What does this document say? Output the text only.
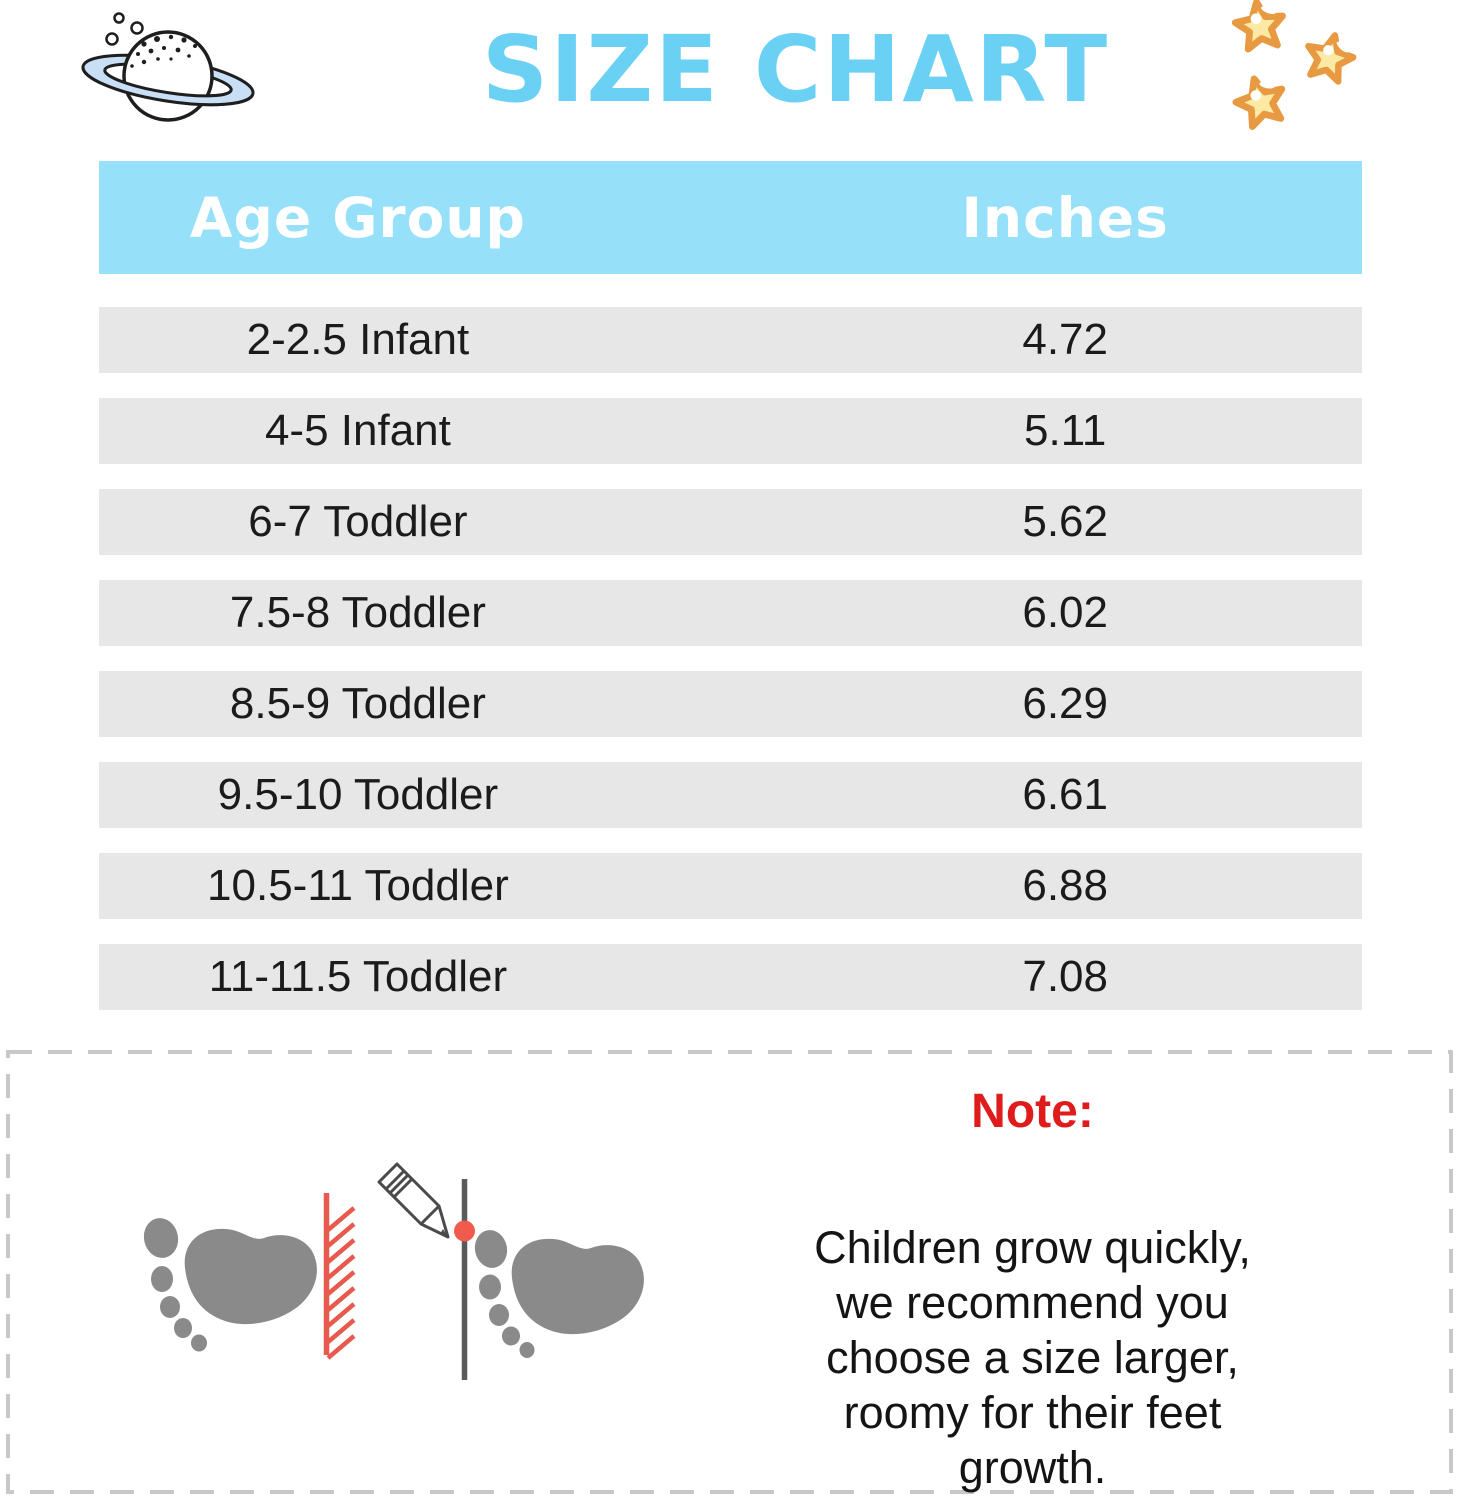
SIZE CHART
Age Group	Inches
2-2.5 Infant	4.72
4-5 Infant	5.11
6-7 Toddler	5.62
7.5-8 Toddler	6.02
8.5-9 Toddler	6.29
9.5-10 Toddler	6.61
10.5-11 Toddler	6.88
11-11.5 Toddler	7.08
Note:
Children grow quickly,
we recommend you
choose a size larger,
roomy for their feet
growth.
